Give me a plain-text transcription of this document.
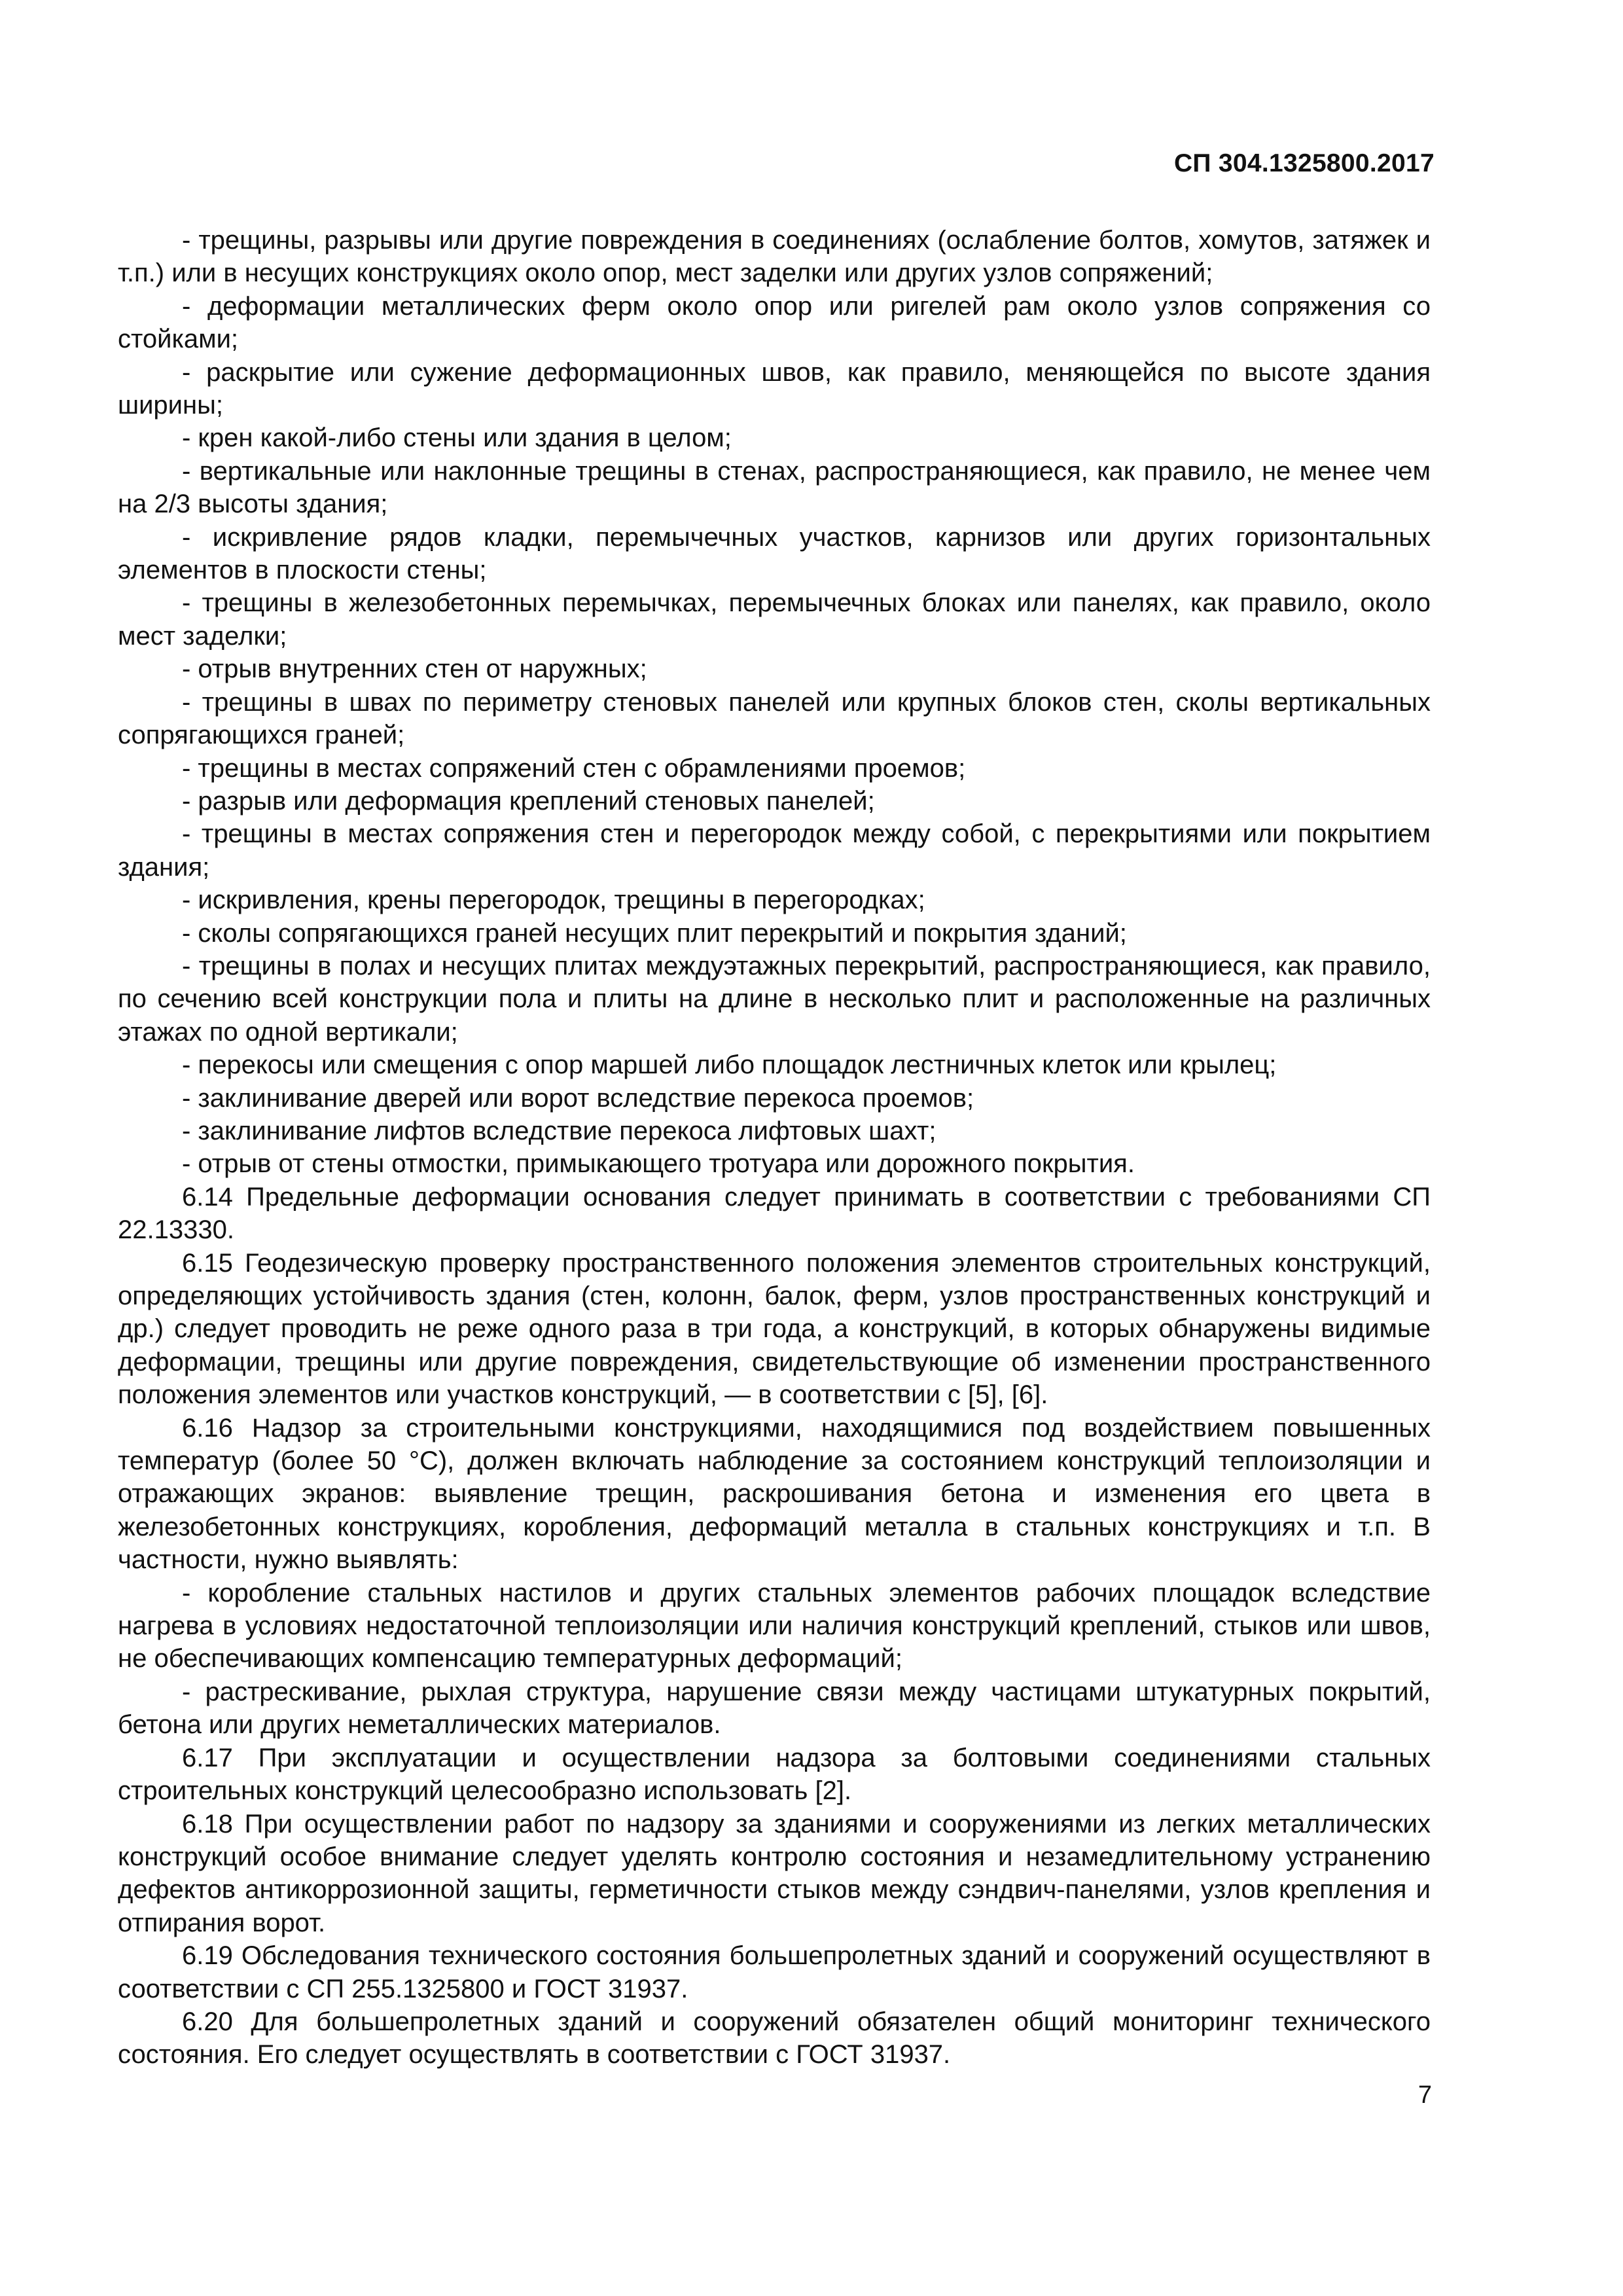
СП 304.1325800.2017

- трещины, разрывы или другие повреждения в соединениях (ослабление болтов, хомутов, затяжек и т.п.) или в несущих конструкциях около опор, мест заделки или других узлов сопряжений;

- деформации металлических ферм около опор или ригелей рам около узлов сопряжения со стойками;

- раскрытие или сужение деформационных швов, как правило, меняющейся по высоте здания ширины;

- крен какой-либо стены или здания в целом;

- вертикальные или наклонные трещины в стенах, распространяющиеся, как правило, не менее чем на 2/3 высоты здания;

- искривление рядов кладки, перемычечных участков, карнизов или других горизонтальных элементов в плоскости стены;

- трещины в железобетонных перемычках, перемычечных блоках или панелях, как правило, около мест заделки;

- отрыв внутренних стен от наружных;

- трещины в швах по периметру стеновых панелей или крупных блоков стен, сколы вертикальных сопрягающихся граней;

- трещины в местах сопряжений стен с обрамлениями проемов;

- разрыв или деформация креплений стеновых панелей;

- трещины в местах сопряжения стен и перегородок между собой, с перекрытиями или покрытием здания;

- искривления, крены перегородок, трещины в перегородках;

- сколы сопрягающихся граней несущих плит перекрытий и покрытия зданий;

- трещины в полах и несущих плитах междуэтажных перекрытий, распространяющиеся, как правило, по сечению всей конструкции пола и плиты на длине в несколько плит и расположенные на различных этажах по одной вертикали;

- перекосы или смещения с опор маршей либо площадок лестничных клеток или крылец;

- заклинивание дверей или ворот вследствие перекоса проемов;

- заклинивание лифтов вследствие перекоса лифтовых шахт;

- отрыв от стены отмостки, примыкающего тротуара или дорожного покрытия.

6.14 Предельные деформации основания следует принимать в соответствии с требованиями СП 22.13330.

6.15 Геодезическую проверку пространственного положения элементов строительных конструкций, определяющих устойчивость здания (стен, колонн, балок, ферм, узлов пространственных конструкций и др.) следует проводить не реже одного раза в три года, а конструкций, в которых обнаружены видимые деформации, трещины или другие повреждения, свидетельствующие об изменении пространственного положения элементов или участков конструкций, — в соответствии с [5], [6].

6.16 Надзор за строительными конструкциями, находящимися под воздействием повышенных температур (более 50 °С), должен включать наблюдение за состоянием конструкций теплоизоляции и отражающих экранов: выявление трещин, раскрошивания бетона и изменения его цвета в железобетонных конструкциях, коробления, деформаций металла в стальных конструкциях и т.п. В частности, нужно выявлять:

- коробление стальных настилов и других стальных элементов рабочих площадок вследствие нагрева в условиях недостаточной теплоизоляции или наличия конструкций креплений, стыков или швов, не обеспечивающих компенсацию температурных деформаций;

- растрескивание, рыхлая структура, нарушение связи между частицами штукатурных покрытий, бетона или других неметаллических материалов.

6.17 При эксплуатации и осуществлении надзора за болтовыми соединениями стальных строительных конструкций целесообразно использовать [2].

6.18 При осуществлении работ по надзору за зданиями и сооружениями из легких металлических конструкций особое внимание следует уделять контролю состояния и незамедлительному устранению дефектов антикоррозионной защиты, герметичности стыков между сэндвич-панелями, узлов крепления и отпирания ворот.

6.19 Обследования технического состояния большепролетных зданий и сооружений осуществляют в соответствии с СП 255.1325800 и ГОСТ 31937.

6.20 Для большепролетных зданий и сооружений обязателен общий мониторинг технического состояния. Его следует осуществлять в соответствии с ГОСТ 31937.

7
